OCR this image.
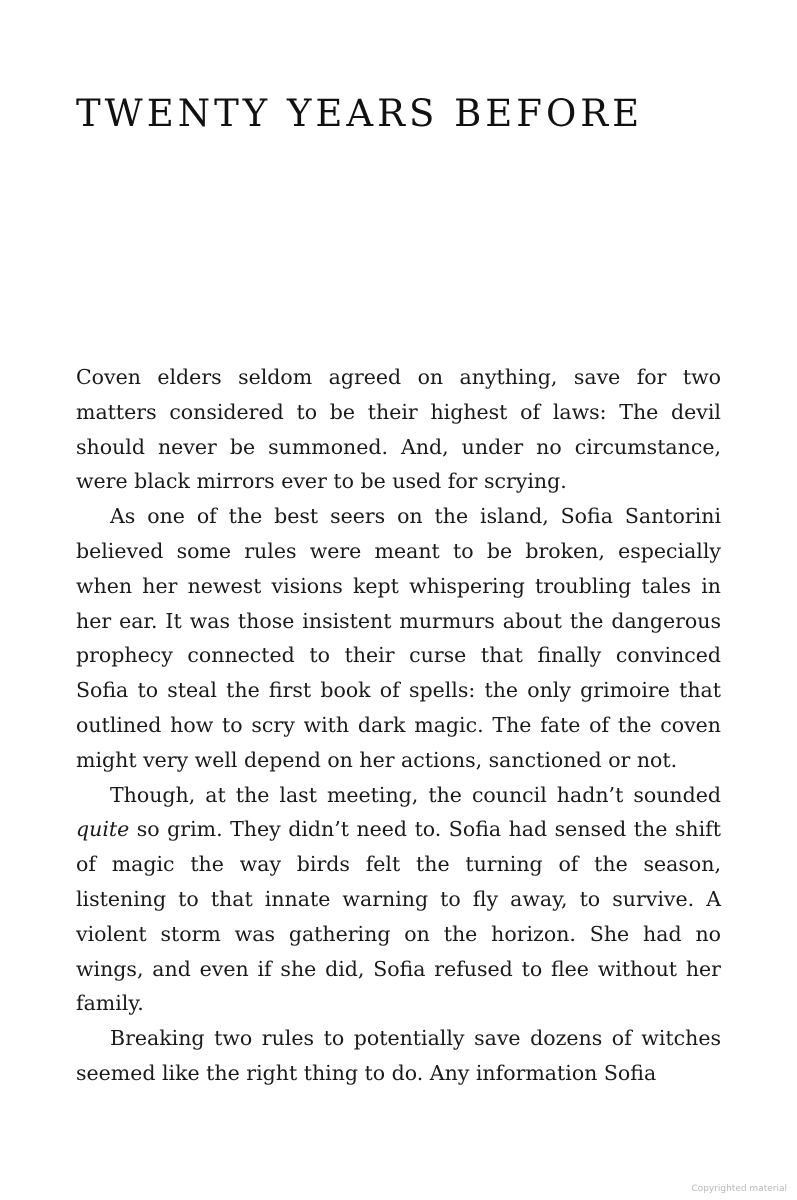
TWENTY YEARS BEFORE

Coven elders seldom agreed on anything, save for two matters considered to be their highest of laws: The devil should never be summoned. And, under no circumstance, were black mirrors ever to be used for scrying.

As one of the best seers on the island, Sofia Santorini believed some rules were meant to be broken, especially when her newest visions kept whispering troubling tales in her ear. It was those insistent murmurs about the dangerous prophecy connected to their curse that finally convinced Sofia to steal the first book of spells: the only grimoire that outlined how to scry with dark magic. The fate of the coven might very well depend on her actions, sanctioned or not.

Though, at the last meeting, the council hadn’t sounded quite so grim. They didn’t need to. Sofia had sensed the shift of magic the way birds felt the turning of the season, listening to that innate warning to fly away, to survive. A violent storm was gathering on the horizon. She had no wings, and even if she did, Sofia refused to flee without her family.

Breaking two rules to potentially save dozens of witches seemed like the right thing to do. Any information Sofia

Copyrighted material
